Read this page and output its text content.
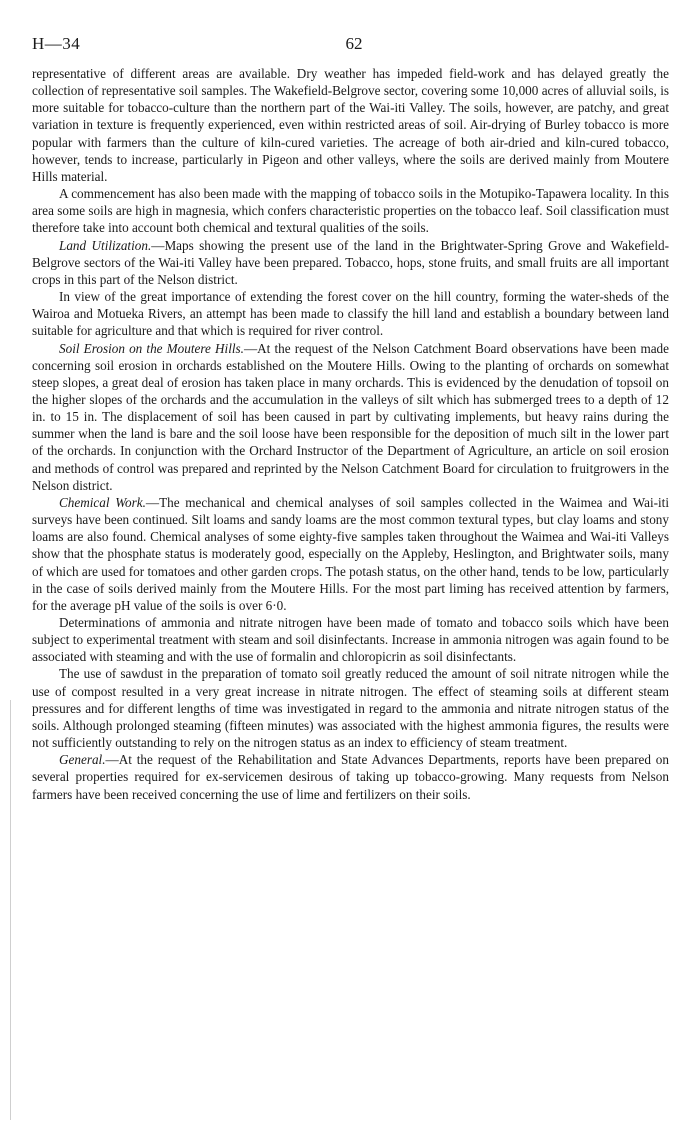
H—34	62

representative of different areas are available. Dry weather has impeded field-work and has delayed greatly the collection of representative soil samples. The Wakefield-Belgrove sector, covering some 10,000 acres of alluvial soils, is more suitable for tobacco-culture than the northern part of the Wai-iti Valley. The soils, however, are patchy, and great variation in texture is frequently experienced, even within restricted areas of soil. Air-drying of Burley tobacco is more popular with farmers than the culture of kiln-cured varieties. The acreage of both air-dried and kiln-cured tobacco, however, tends to increase, particularly in Pigeon and other valleys, where the soils are derived mainly from Moutere Hills material.

A commencement has also been made with the mapping of tobacco soils in the Motupiko-Tapawera locality. In this area some soils are high in magnesia, which confers characteristic properties on the tobacco leaf. Soil classification must therefore take into account both chemical and textural qualities of the soils.

Land Utilization.—Maps showing the present use of the land in the Brightwater-Spring Grove and Wakefield-Belgrove sectors of the Wai-iti Valley have been prepared. Tobacco, hops, stone fruits, and small fruits are all important crops in this part of the Nelson district.

In view of the great importance of extending the forest cover on the hill country, forming the water-sheds of the Wairoa and Motueka Rivers, an attempt has been made to classify the hill land and establish a boundary between land suitable for agriculture and that which is required for river control.

Soil Erosion on the Moutere Hills.—At the request of the Nelson Catchment Board observations have been made concerning soil erosion in orchards established on the Moutere Hills. Owing to the planting of orchards on somewhat steep slopes, a great deal of erosion has taken place in many orchards. This is evidenced by the denudation of topsoil on the higher slopes of the orchards and the accumulation in the valleys of silt which has submerged trees to a depth of 12 in. to 15 in. The displacement of soil has been caused in part by cultivating implements, but heavy rains during the summer when the land is bare and the soil loose have been responsible for the deposition of much silt in the lower part of the orchards. In conjunction with the Orchard Instructor of the Department of Agriculture, an article on soil erosion and methods of control was prepared and reprinted by the Nelson Catchment Board for circulation to fruitgrowers in the Nelson district.

Chemical Work.—The mechanical and chemical analyses of soil samples collected in the Waimea and Wai-iti surveys have been continued. Silt loams and sandy loams are the most common textural types, but clay loams and stony loams are also found. Chemical analyses of some eighty-five samples taken throughout the Waimea and Wai-iti Valleys show that the phosphate status is moderately good, especially on the Appleby, Heslington, and Brightwater soils, many of which are used for tomatoes and other garden crops. The potash status, on the other hand, tends to be low, particularly in the case of soils derived mainly from the Moutere Hills. For the most part liming has received attention by farmers, for the average pH value of the soils is over 6·0.

Determinations of ammonia and nitrate nitrogen have been made of tomato and tobacco soils which have been subject to experimental treatment with steam and soil disinfectants. Increase in ammonia nitrogen was again found to be associated with steaming and with the use of formalin and chloropicrin as soil disinfectants.

The use of sawdust in the preparation of tomato soil greatly reduced the amount of soil nitrate nitrogen while the use of compost resulted in a very great increase in nitrate nitrogen. The effect of steaming soils at different steam pressures and for different lengths of time was investigated in regard to the ammonia and nitrate nitrogen status of the soils. Although prolonged steaming (fifteen minutes) was associated with the highest ammonia figures, the results were not sufficiently outstanding to rely on the nitrogen status as an index to efficiency of steam treatment.

General.—At the request of the Rehabilitation and State Advances Departments, reports have been prepared on several properties required for ex-servicemen desirous of taking up tobacco-growing. Many requests from Nelson farmers have been received concerning the use of lime and fertilizers on their soils.
